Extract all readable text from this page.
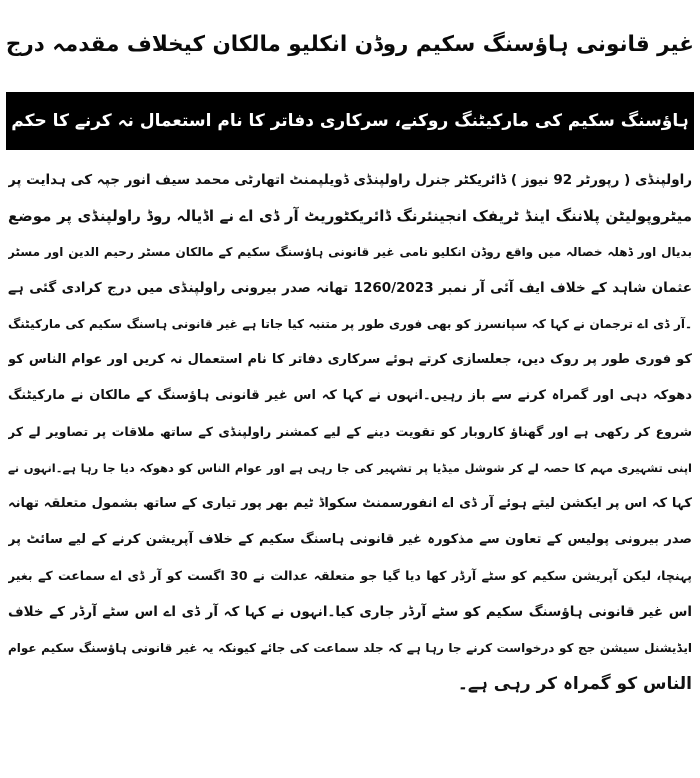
غیر قانونی ہاؤسنگ سکیم روڈن انکلیو مالکان کیخلاف مقدمہ درج
ہاؤسنگ سکیم کی مارکیٹنگ روکنے، سرکاری دفاتر کا نام استعمال نہ کرنے کا حکم
راولپنڈی ( رپورٹر 92 نیوز ) ڈائریکٹر جنرل راولپنڈی ڈویلپمنٹ اتھارٹی محمد سیف انور جپہ کی ہدایت پر
میٹروپولیٹن پلاننگ اینڈ ٹریفک انجینئرنگ ڈائریکٹوریٹ آر ڈی اے نے اڈیالہ روڈ راولپنڈی پر موضع
بدیال اور ڈھلہ خصالہ میں واقع روڈن انکلیو نامی غیر قانونی ہاؤسنگ سکیم کے مالکان مسٹر رحیم الدین اور مسٹر
عثمان شاہد کے خلاف ایف آئی آر نمبر 1260/2023 تھانہ صدر بیرونی راولپنڈی میں درج کرادی گئی ہے
۔آر ڈی اے ترجمان نے کہا کہ سپانسرز کو بھی فوری طور پر متنبہ کیا جاتا ہے غیر قانونی ہاسنگ سکیم کی مارکیٹنگ
کو فوری طور پر روک دیں، جعلسازی کرتے ہوئے سرکاری دفاتر کا نام استعمال نہ کریں اور عوام الناس کو
دھوکہ دہی اور گمراہ کرنے سے باز رہیں۔انہوں نے کہا کہ اس غیر قانونی ہاؤسنگ کے مالکان نے مارکیٹنگ
شروع کر رکھی ہے اور گھناؤ کاروبار کو تقویت دینے کے لیے کمشنر راولپنڈی کے ساتھ ملاقات پر تصاویر لے کر
اپنی تشہیری مہم کا حصہ لے کر شوشل میڈیا پر تشہیر کی جا رہی ہے اور عوام الناس کو دھوکہ دیا جا رہا ہے۔انہوں نے
کہا کہ اس پر ایکشن لیتے ہوئے آر ڈی اے انفورسمنٹ سکواڈ ٹیم بھر پور تیاری کے ساتھ بشمول متعلقہ تھانہ
صدر بیرونی پولیس کے تعاون سے مذکورہ غیر قانونی ہاسنگ سکیم کے خلاف آپریشن کرنے کے لیے سائٹ پر
پہنچا، لیکن آپریشن سکیم کو سٹے آرڈر کھا دیا گیا جو متعلقہ عدالت نے 30 اگست کو آر ڈی اے سماعت کے بغیر
اس غیر قانونی ہاؤسنگ سکیم کو سٹے آرڈر جاری کیا۔انہوں نے کہا کہ آر ڈی اے اس سٹے آرڈر کے خلاف
ایڈیشنل سیشن جج کو درخواست کرنے جا رہا ہے کہ جلد سماعت کی جائے کیونکہ یہ غیر قانونی ہاؤسنگ سکیم عوام
الناس کو گمراہ کر رہی ہے۔
